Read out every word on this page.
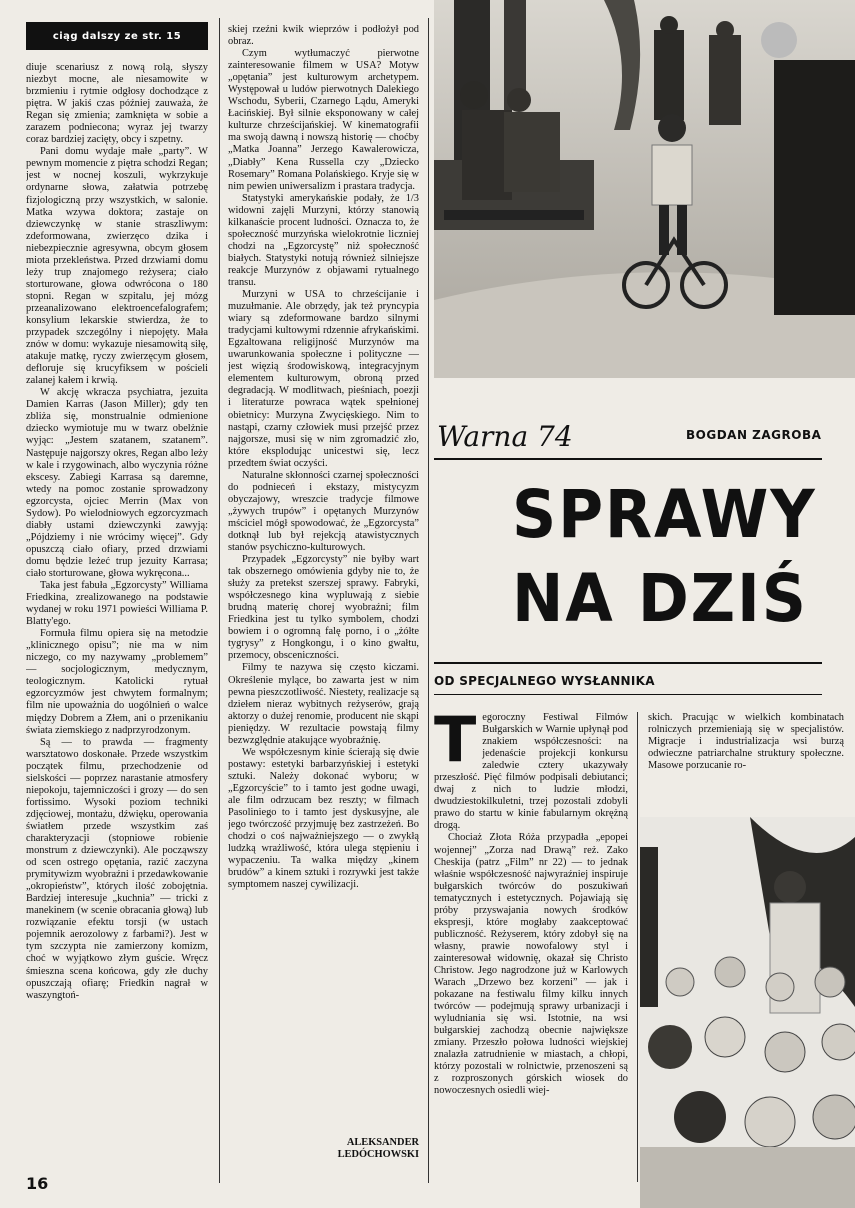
ciąg dalszy ze str. 15

diuje scenariusz z nową rolą, słyszy niezbyt mocne, ale niesamowite w brzmieniu i rytmie odgłosy dochodzące z piętra. W jakiś czas później zauważa, że Regan się zmienia; zamknięta w sobie a zarazem podniecona; wyraz jej twarzy coraz bardziej zacięty, obcy i szpetny.

Pani domu wydaje małe „party”. W pewnym momencie z piętra schodzi Regan; jest w nocnej koszuli, wykrzykuje ordynarne słowa, załatwia potrzebę fizjologiczną przy wszystkich, w salonie. Matka wzywa doktora; zastaje on dziewczynkę w stanie straszliwym: zdeformowana, zwierzęco dzika i niebezpiecznie agresywna, obcym głosem miota przekleństwa. Przed drzwiami domu leży trup znajomego reżysera; ciało storturowane, głowa odwrócona o 180 stopni. Regan w szpitalu, jej mózg przeanalizowano elektroencefalografem; konsylium lekarskie stwierdza, że to przypadek szczególny i niepojęty. Mała znów w domu: wykazuje niesamowitą siłę, atakuje matkę, ryczy zwierzęcym głosem, defloruje się krucyfiksem w pościeli zalanej kałem i krwią.

W akcję wkracza psychiatra, jezuita Damien Karras (Jason Miller); gdy ten zbliża się, monstrualnie odmienione dziecko wymiotuje mu w twarz obelżnie wyjąc: „Jestem szatanem, szatanem”. Następuje najgorszy okres, Regan albo leży w kale i rzygowinach, albo wyczynia różne ekscesy. Zabiegi Karrasa są daremne, wtedy na pomoc zostanie sprowadzony egzorcysta, ojciec Merrin (Max von Sydow). Po wielodniowych egzorcyzmach diabły ustami dziewczynki zawyją: „Pójdziemy i nie wrócimy więcej”. Gdy opuszczą ciało ofiary, przed drzwiami domu będzie leżeć trup jezuity Karrasa; ciało storturowane, głowa wykręcona...

Taka jest fabuła „Egzorcysty” Williama Friedkina, zrealizowanego na podstawie wydanej w roku 1971 powieści Williama P. Blatty'ego.

Formuła filmu opiera się na metodzie „klinicznego opisu”; nie ma w nim niczego, co my nazywamy „problemem” — socjologicznym, medycznym, teologicznym. Katolicki rytuał egzorcyzmów jest chwytem formalnym; film nie upoważnia do uogólnień o walce między Dobrem a Złem, ani o przenikaniu świata ziemskiego z nadprzyrodzonym.

Są — to prawda — fragmenty warsztatowo doskonałe. Przede wszystkim początek filmu, przechodzenie od sielskości — poprzez narastanie atmosfery niepokoju, tajemniczości i grozy — do sen fortissimo. Wysoki poziom techniki zdjęciowej, montażu, dźwięku, operowania światłem przede wszystkim zaś charakteryzacji (stopniowe robienie monstrum z dziewczynki). Ale począwszy od scen ostrego opętania, razić zaczyna prymitywizm wyobraźni i przedawkowanie „okropieństw”, których ilość zobojętnia. Bardziej interesuje „kuchnia” — tricki z manekinem (w scenie obracania głową) lub rozwiązanie efektu torsji (w ustach pojemnik aerozolowy z farbami?). Jest w tym szczypta nie zamierzony komizm, choć w wyjątkowo złym guście. Wręcz śmieszna scena końcowa, gdy złe duchy opuszczają ofiarę; Friedkin nagrał w waszyngtoń-

skiej rzeźni kwik wieprzów i podłożył pod obraz.

Czym wytłumaczyć pierwotne zainteresowanie filmem w USA? Motyw „opętania” jest kulturowym archetypem. Występował u ludów pierwotnych Dalekiego Wschodu, Syberii, Czarnego Lądu, Ameryki Łacińskiej. Był silnie eksponowany w całej kulturze chrześcijańskiej. W kinematografii ma swoją dawną i nowszą historię — choćby „Matka Joanna” Jerzego Kawalerowicza, „Diabły” Kena Russella czy „Dziecko Rosemary” Romana Polańskiego. Kryje się w nim pewien uniwersalizm i prastara tradycja.

Statystyki amerykańskie podały, że 1/3 widowni zajęli Murzyni, którzy stanowią kilkanaście procent ludności. Oznacza to, że społeczność murzyńska wielokrotnie liczniej chodzi na „Egzorcystę” niż społeczność białych. Statystyki notują również silniejsze reakcje Murzynów z objawami rytualnego transu.

Murzyni w USA to chrześcijanie i muzułmanie. Ale obrzędy, jak też pryncypia wiary są zdeformowane bardzo silnymi tradycjami kultowymi rdzennie afrykańskimi. Egzaltowana religijność Murzynów ma uwarunkowania społeczne i polityczne — jest więzią środowiskową, integracyjnym elementem kulturowym, obroną przed degradacją. W modlitwach, pieśniach, poezji i literaturze powraca wątek spełnionej obietnicy: Murzyna Zwycięskiego. Nim to nastąpi, czarny człowiek musi przejść przez najgorsze, musi się w nim zgromadzić zło, które eksplodując unicestwi się, lecz przedtem świat oczyści.

Naturalne skłonności czarnej społeczności do podnieceń i ekstazy, mistycyzm obyczajowy, wreszcie tradycje filmowe „żywych trupów” i opętanych Murzynów mściciel mógł spowodować, że „Egzorcysta” dotknął lub był rejekcją atawistycznych stanów psychiczno-kulturowych.

Przypadek „Egzorcysty” nie byłby wart tak obszernego omówienia gdyby nie to, że służy za pretekst szerszej sprawy. Fabryki, współczesnego kina wypluwają z siebie brudną materię chorej wyobraźni; film Friedkina jest tu tylko symbolem, chodzi bowiem i o ogromną falę porno, i o „żółte tygrysy” z Hongkongu, i o kino gwałtu, przemocy, obsceniczności.

Filmy te nazywa się często kiczami. Określenie mylące, bo zawarta jest w nim pewna pieszczotliwość. Niestety, realizacje są dziełem nieraz wybitnych reżyserów, grają aktorzy o dużej renomie, producent nie skąpi pieniędzy. W rezultacie powstają filmy bezwzględnie atakujące wyobraźnię.

We współczesnym kinie ścierają się dwie postawy: estetyki barbarzyńskiej i estetyki sztuki. Należy dokonać wyboru; w „Egzorcyście” to i tamto jest godne uwagi, ale film odrzucam bez reszty; w filmach Pasoliniego to i tamto jest dyskusyjne, ale jego twórczość przyjmuję bez zastrzeżeń. Bo chodzi o coś najważniejszego — o zwykłą ludzką wrażliwość, która ulega stępieniu i wypaczeniu. Ta walka między „kinem brudów” a kinem sztuki i rozrywki jest także symptomem naszej cywilizacji.

ALEKSANDER
LEDÓCHOWSKI
Warna 74	BOGDAN ZAGROBA
SPRAWY
NA DZIŚ
OD SPECJALNEGO WYSŁANNIKA

Tegoroczny Festiwal Filmów Bułgarskich w Warnie upłynął pod znakiem współczesności: na jedenaście projekcji konkursu zaledwie cztery ukazywały przeszłość. Pięć filmów podpisali debiutanci; dwaj z nich to ludzie młodzi, dwudziestokilkuletni, trzej pozostali zdobyli prawo do startu w kinie fabularnym okrężną drogą.

Chociaż Złota Róża przypadła „epopei wojennej” „Zorza nad Drawą” reż. Zako Cheskija (patrz „Film” nr 22) — to jednak właśnie współczesność najwyraźniej inspiruje bułgarskich twórców do poszukiwań tematycznych i estetycznych. Pojawiają się próby przyswajania nowych środków ekspresji, które mogłaby zaakceptować publiczność. Reżyserem, który zdobył się na własny, prawie nowofalowy styl i zainteresował widownię, okazał się Christo Christow. Jego nagrodzone już w Karlowych Warach „Drzewo bez korzeni” — jak i pokazane na festiwalu filmy kilku innych twórców — podejmują sprawy urbanizacji i wyludniania się wsi. Istotnie, na wsi bułgarskiej zachodzą obecnie największe zmiany. Przeszło połowa ludności wiejskiej znalazła zatrudnienie w miastach, a chłopi, którzy pozostali w rolnictwie, przenoszeni są z rozproszonych górskich wiosek do nowoczesnych osiedli wiej-

skich. Pracując w wielkich kombinatach rolniczych przemieniają się w specjalistów. Migracje i industrializacja wsi burzą odwieczne patriarchalne struktury społeczne. Masowe porzucanie ro-

16
